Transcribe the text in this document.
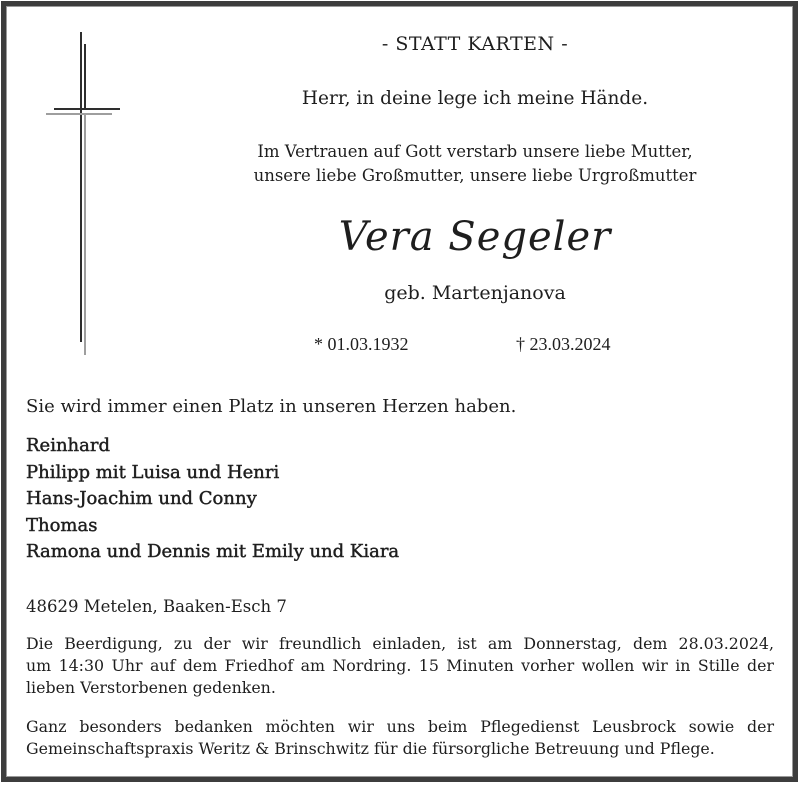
- STATT KARTEN -
Herr, in deine lege ich meine Hände.
Im Vertrauen auf Gott verstarb unsere liebe Mutter,
unsere liebe Großmutter, unsere liebe Urgroßmutter
Vera Segeler
geb. Martenjanova
* 01.03.1932	† 23.03.2024
Sie wird immer einen Platz in unseren Herzen haben.
Reinhard
Philipp mit Luisa und Henri
Hans-Joachim und Conny
Thomas
Ramona und Dennis mit Emily und Kiara
48629 Metelen, Baaken-Esch 7
Die Beerdigung, zu der wir freundlich einladen, ist am Donnerstag, dem 28.03.2024,
um 14:30 Uhr auf dem Friedhof am Nordring. 15 Minuten vorher wollen wir in Stille der
lieben Verstorbenen gedenken.
Ganz besonders bedanken möchten wir uns beim Pflegedienst Leusbrock sowie der
Gemeinschaftspraxis Weritz & Brinschwitz für die fürsorgliche Betreuung und Pflege.
